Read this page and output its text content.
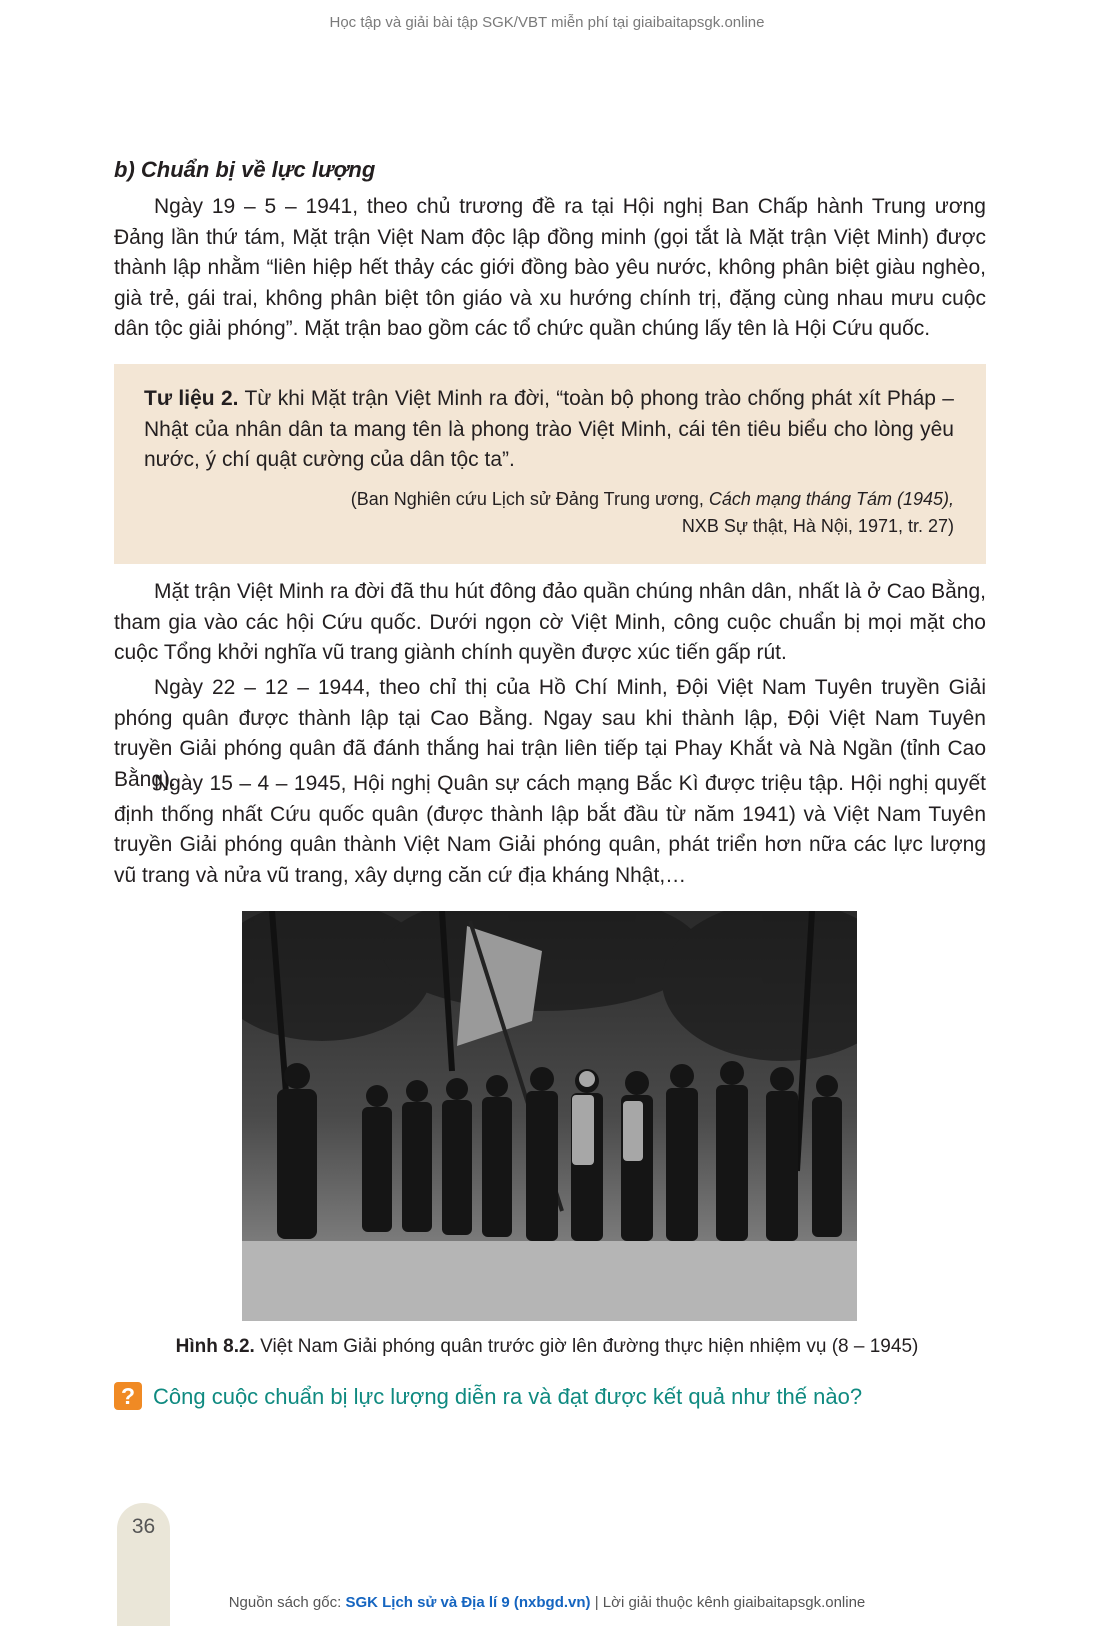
Học tập và giải bài tập SGK/VBT miễn phí tại giaibaitapsgk.online
b) Chuẩn bị về lực lượng

Ngày 19 – 5 – 1941, theo chủ trương đề ra tại Hội nghị Ban Chấp hành Trung ương Đảng lần thứ tám, Mặt trận Việt Nam độc lập đồng minh (gọi tắt là Mặt trận Việt Minh) được thành lập nhằm “liên hiệp hết thảy các giới đồng bào yêu nước, không phân biệt giàu nghèo, già trẻ, gái trai, không phân biệt tôn giáo và xu hướng chính trị, đặng cùng nhau mưu cuộc dân tộc giải phóng”. Mặt trận bao gồm các tổ chức quần chúng lấy tên là Hội Cứu quốc.

Tư liệu 2. Từ khi Mặt trận Việt Minh ra đời, “toàn bộ phong trào chống phát xít Pháp – Nhật của nhân dân ta mang tên là phong trào Việt Minh, cái tên tiêu biểu cho lòng yêu nước, ý chí quật cường của dân tộc ta”.

(Ban Nghiên cứu Lịch sử Đảng Trung ương, Cách mạng tháng Tám (1945),
NXB Sự thật, Hà Nội, 1971, tr. 27)

Mặt trận Việt Minh ra đời đã thu hút đông đảo quần chúng nhân dân, nhất là ở Cao Bằng, tham gia vào các hội Cứu quốc. Dưới ngọn cờ Việt Minh, công cuộc chuẩn bị mọi mặt cho cuộc Tổng khởi nghĩa vũ trang giành chính quyền được xúc tiến gấp rút.

Ngày 22 – 12 – 1944, theo chỉ thị của Hồ Chí Minh, Đội Việt Nam Tuyên truyền Giải phóng quân được thành lập tại Cao Bằng. Ngay sau khi thành lập, Đội Việt Nam Tuyên truyền Giải phóng quân đã đánh thắng hai trận liên tiếp tại Phay Khắt và Nà Ngần (tỉnh Cao Bằng).

Ngày 15 – 4 – 1945, Hội nghị Quân sự cách mạng Bắc Kì được triệu tập. Hội nghị quyết định thống nhất Cứu quốc quân (được thành lập bắt đầu từ năm 1941) và Việt Nam Tuyên truyền Giải phóng quân thành Việt Nam Giải phóng quân, phát triển hơn nữa các lực lượng vũ trang và nửa vũ trang, xây dựng căn cứ địa kháng Nhật,…

Hình 8.2. Việt Nam Giải phóng quân trước giờ lên đường thực hiện nhiệm vụ (8 – 1945)
? Công cuộc chuẩn bị lực lượng diễn ra và đạt được kết quả như thế nào?
36
Nguồn sách gốc: SGK Lịch sử và Địa lí 9 (nxbgd.vn) | Lời giải thuộc kênh giaibaitapsgk.online
